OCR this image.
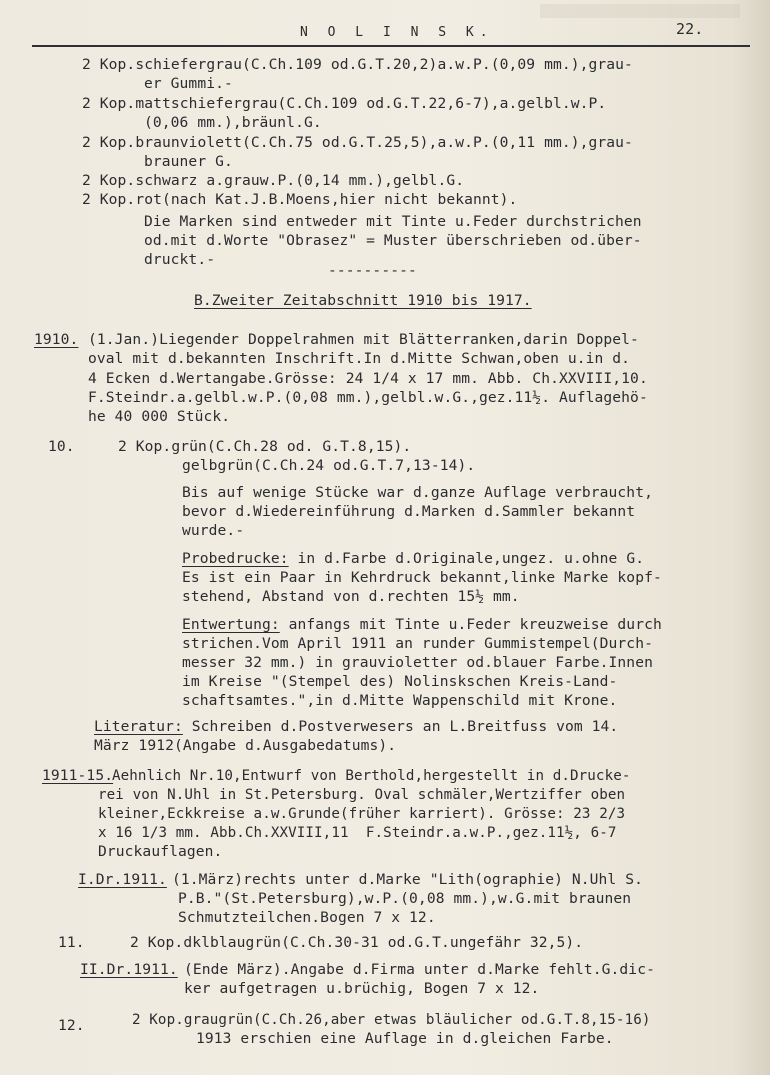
N O L I N S K.	22.
2 Kop.schiefergrau(C.Ch.109 od.G.T.20,2)a.w.P.(0,09 mm.),grau-
er Gummi.-
2 Kop.mattschiefergrau(C.Ch.109 od.G.T.22,6-7),a.gelbl.w.P.
(0,06 mm.),bräunl.G.
2 Kop.braunviolett(C.Ch.75 od.G.T.25,5),a.w.P.(0,11 mm.),grau-
brauner G.
2 Kop.schwarz a.grauw.P.(0,14 mm.),gelbl.G.
2 Kop.rot(nach Kat.J.B.Moens,hier nicht bekannt).
Die Marken sind entweder mit Tinte u.Feder durchstrichen
od.mit d.Worte "Obrasez" = Muster überschrieben od.über-
druckt.-
----------
B.Zweiter Zeitabschnitt 1910 bis 1917.
1910. (1.Jan.)Liegender Doppelrahmen mit Blätterranken,darin Doppel-
oval mit d.bekannten Inschrift.In d.Mitte Schwan,oben u.in d.
4 Ecken d.Wertangabe.Grösse: 24 1/4 x 17 mm. Abb. Ch.XXVIII,10.
F.Steindr.a.gelbl.w.P.(0,08 mm.),gelbl.w.G.,gez.11½. Auflagehö-
he 40 000 Stück.
10.	2 Kop.grün(C.Ch.28 od. G.T.8,15).
gelbgrün(C.Ch.24 od.G.T.7,13-14).
Bis auf wenige Stücke war d.ganze Auflage verbraucht,
bevor d.Wiedereinführung d.Marken d.Sammler bekannt
wurde.-
Probedrucke: in d.Farbe d.Originale,ungez. u.ohne G.
Es ist ein Paar in Kehrdruck bekannt,linke Marke kopf-
stehend, Abstand von d.rechten 15½ mm.
Entwertung: anfangs mit Tinte u.Feder kreuzweise durch
strichen.Vom April 1911 an runder Gummistempel(Durch-
messer 32 mm.) in grauvioletter od.blauer Farbe.Innen
im Kreise "(Stempel des) Nolinskschen Kreis-Land-
schaftsamtes.",in d.Mitte Wappenschild mit Krone.
Literatur: Schreiben d.Postverwesers an L.Breitfuss vom 14.
März 1912(Angabe d.Ausgabedatums).
1911-15.
Aehnlich Nr.10,Entwurf von Berthold,hergestellt in d.Drucke-
rei von N.Uhl in St.Petersburg. Oval schmäler,Wertziffer oben
kleiner,Eckkreise a.w.Grunde(früher karriert). Grösse: 23 2/3
x 16 1/3 mm. Abb.Ch.XXVIII,11  F.Steindr.a.w.P.,gez.11½, 6-7
Druckauflagen.
I.Dr.1911. (1.März)rechts unter d.Marke "Lith(ographie) N.Uhl S.
P.B."(St.Petersburg),w.P.(0,08 mm.),w.G.mit braunen
Schmutzteilchen.Bogen 7 x 12.
11.	2 Kop.dklblaugrün(C.Ch.30-31 od.G.T.ungefähr 32,5).
II.Dr.1911. (Ende März).Angabe d.Firma unter d.Marke fehlt.G.dic-
ker aufgetragen u.brüchig, Bogen 7 x 12.
12.	2 Kop.graugrün(C.Ch.26,aber etwas bläulicher od.G.T.8,15-16)
1913 erschien eine Auflage in d.gleichen Farbe.
